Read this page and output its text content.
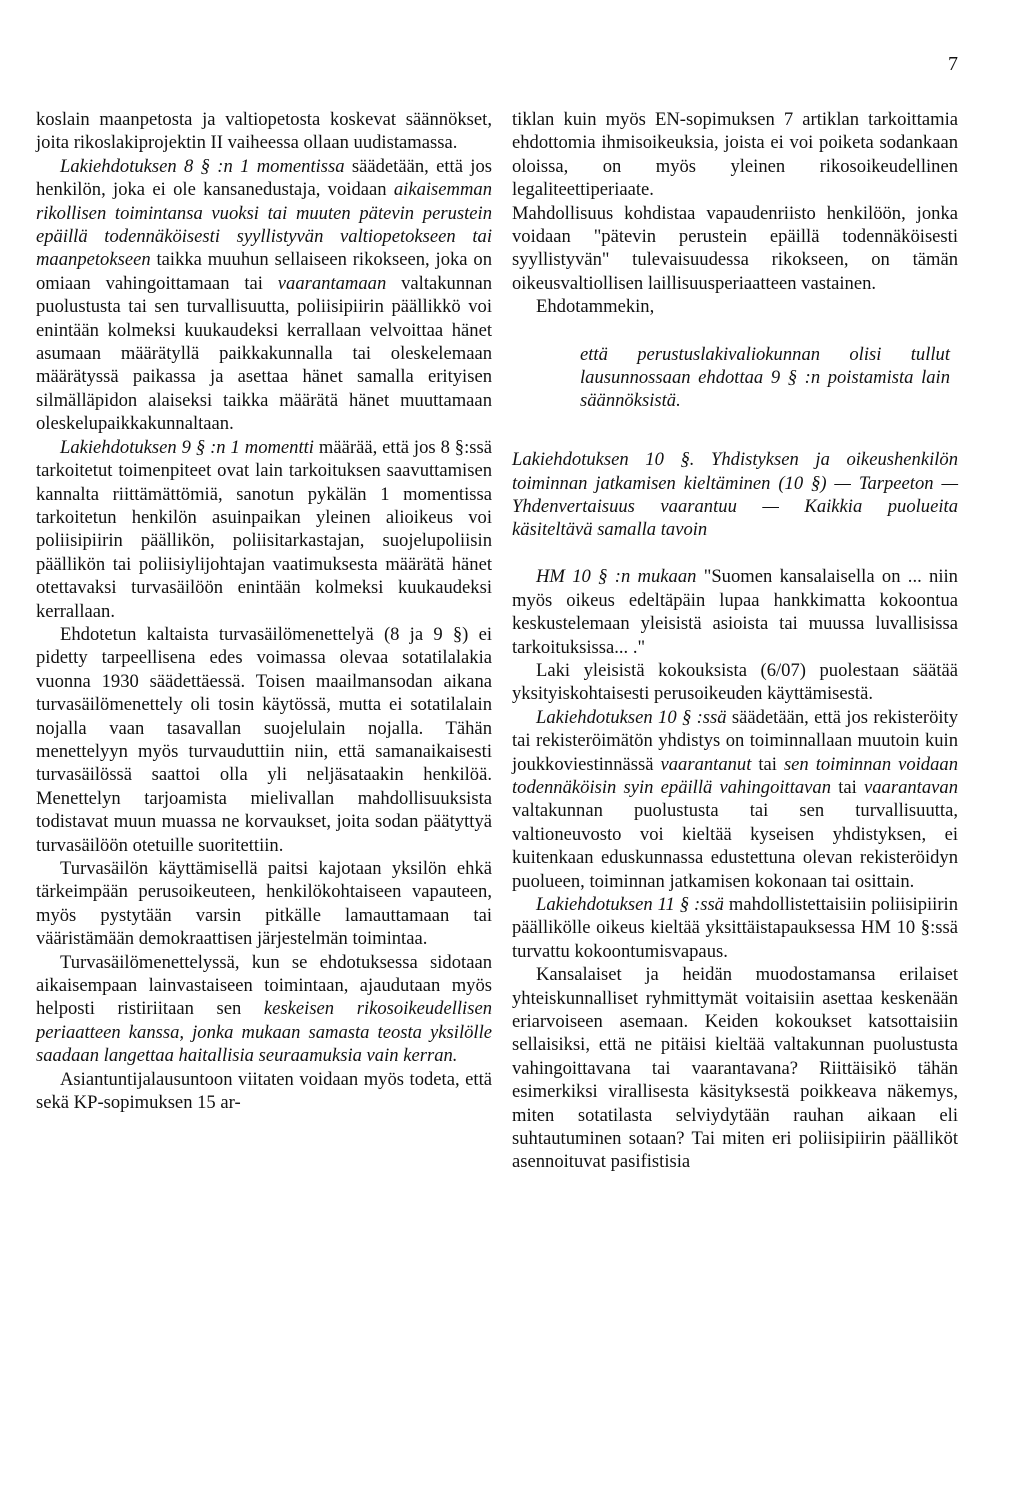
7

koslain maanpetosta ja valtiopetosta koskevat säännökset, joita rikoslakiprojektin II vaiheessa ollaan uudistamassa.

Lakiehdotuksen 8 § :n 1 momentissa säädetään, että jos henkilön, joka ei ole kansanedustaja, voidaan aikaisemman rikollisen toimintansa vuoksi tai muuten pätevin perustein epäillä todennäköisesti syyllistyvän valtiopetokseen tai maanpetokseen taikka muuhun sellaiseen rikokseen, joka on omiaan vahingoittamaan tai vaarantamaan valtakunnan puolustusta tai sen turvallisuutta, poliisipiirin päällikkö voi enintään kolmeksi kuukaudeksi kerrallaan velvoittaa hänet asumaan määrätyllä paikkakunnalla tai oleskelemaan määrätyssä paikassa ja asettaa hänet samalla erityisen silmälläpidon alaiseksi taikka määrätä hänet muuttamaan oleskelupaikkakunnaltaan.

Lakiehdotuksen 9 § :n 1 momentti määrää, että jos 8 §:ssä tarkoitetut toimenpiteet ovat lain tarkoituksen saavuttamisen kannalta riittämättömiä, sanotun pykälän 1 momentissa tarkoitetun henkilön asuinpaikan yleinen alioikeus voi poliisipiirin päällikön, poliisitarkastajan, suojelupoliisin päällikön tai poliisiylijohtajan vaatimuksesta määrätä hänet otettavaksi turvasäilöön enintään kolmeksi kuukaudeksi kerrallaan.

Ehdotetun kaltaista turvasäilömenettelyä (8 ja 9 §) ei pidetty tarpeellisena edes voimassa olevaa sotatilalakia vuonna 1930 säädettäessä. Toisen maailmansodan aikana turvasäilömenettely oli tosin käytössä, mutta ei sotatilalain nojalla vaan tasavallan suojelulain nojalla. Tähän menettelyyn myös turvauduttiin niin, että samanaikaisesti turvasäilössä saattoi olla yli neljäsataakin henkilöä. Menettelyn tarjoamista mielivallan mahdollisuuksista todistavat muun muassa ne korvaukset, joita sodan päätyttyä turvasäilöön otetuille suoritettiin.

Turvasäilön käyttämisellä paitsi kajotaan yksilön ehkä tärkeimpään perusoikeuteen, henkilökohtaiseen vapauteen, myös pystytään varsin pitkälle lamauttamaan tai vääristämään demokraattisen järjestelmän toimintaa.

Turvasäilömenettelyssä, kun se ehdotuksessa sidotaan aikaisempaan lainvastaiseen toimintaan, ajaudutaan myös helposti ristiriitaan sen keskeisen rikosoikeudellisen periaatteen kanssa, jonka mukaan samasta teosta yksilölle saadaan langettaa haitallisia seuraamuksia vain kerran.

Asiantuntijalausuntoon viitaten voidaan myös todeta, että sekä KP-sopimuksen 15 ar-

tiklan kuin myös EN-sopimuksen 7 artiklan tarkoittamia ehdottomia ihmisoikeuksia, joista ei voi poiketa sodankaan oloissa, on myös yleinen rikosoikeudellinen legaliteettiperiaate.

Mahdollisuus kohdistaa vapaudenriisto henkilöön, jonka voidaan "pätevin perustein epäillä todennäköisesti syyllistyvän" tulevaisuudessa rikokseen, on tämän oikeusvaltiollisen laillisuusperiaatteen vastainen.

Ehdotammekin,

että perustuslakivaliokunnan olisi tullut lausunnossaan ehdottaa 9 § :n poistamista lain säännöksistä.

Lakiehdotuksen 10 §. Yhdistyksen ja oikeushenkilön toiminnan jatkamisen kieltäminen (10 §) — Tarpeeton — Yhdenvertaisuus vaarantuu — Kaikkia puolueita käsiteltävä samalla tavoin

HM 10 § :n mukaan "Suomen kansalaisella on ... niin myös oikeus edeltäpäin lupaa hankkimatta kokoontua keskustelemaan yleisistä asioista tai muussa luvallisissa tarkoituksissa... ."

Laki yleisistä kokouksista (6/07) puolestaan säätää yksityiskohtaisesti perusoikeuden käyttämisestä.

Lakiehdotuksen 10 § :ssä säädetään, että jos rekisteröity tai rekisteröimätön yhdistys on toiminnallaan muutoin kuin joukkoviestinnässä vaarantanut tai sen toiminnan voidaan todennäköisin syin epäillä vahingoittavan tai vaarantavan valtakunnan puolustusta tai sen turvallisuutta, valtioneuvosto voi kieltää kyseisen yhdistyksen, ei kuitenkaan eduskunnassa edustettuna olevan rekisteröidyn puolueen, toiminnan jatkamisen kokonaan tai osittain.

Lakiehdotuksen 11 § :ssä mahdollistettaisiin poliisipiirin päällikölle oikeus kieltää yksittäistapauksessa HM 10 §:ssä turvattu kokoontumisvapaus.

Kansalaiset ja heidän muodostamansa erilaiset yhteiskunnalliset ryhmittymät voitaisiin asettaa keskenään eriarvoiseen asemaan. Keiden kokoukset katsottaisiin sellaisiksi, että ne pitäisi kieltää valtakunnan puolustusta vahingoittavana tai vaarantavana? Riittäisikö tähän esimerkiksi virallisesta käsityksestä poikkeava näkemys, miten sotatilasta selviydytään rauhan aikaan eli suhtautuminen sotaan? Tai miten eri poliisipiirin päälliköt asennoituvat pasifistisia
